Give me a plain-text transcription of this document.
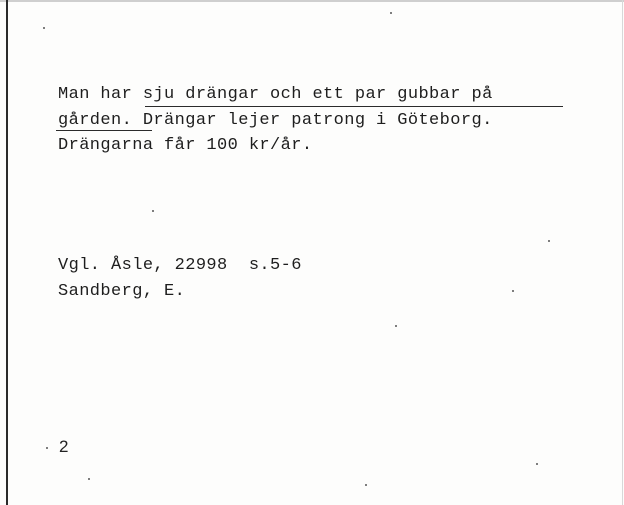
Man har sju drängar och ett par gubbar på
gården. Drängar lejer patrong i Göteborg.
Drängarna får 100 kr/år.
Vgl. Åsle, 22998  s.5-6
Sandberg, E.
2
